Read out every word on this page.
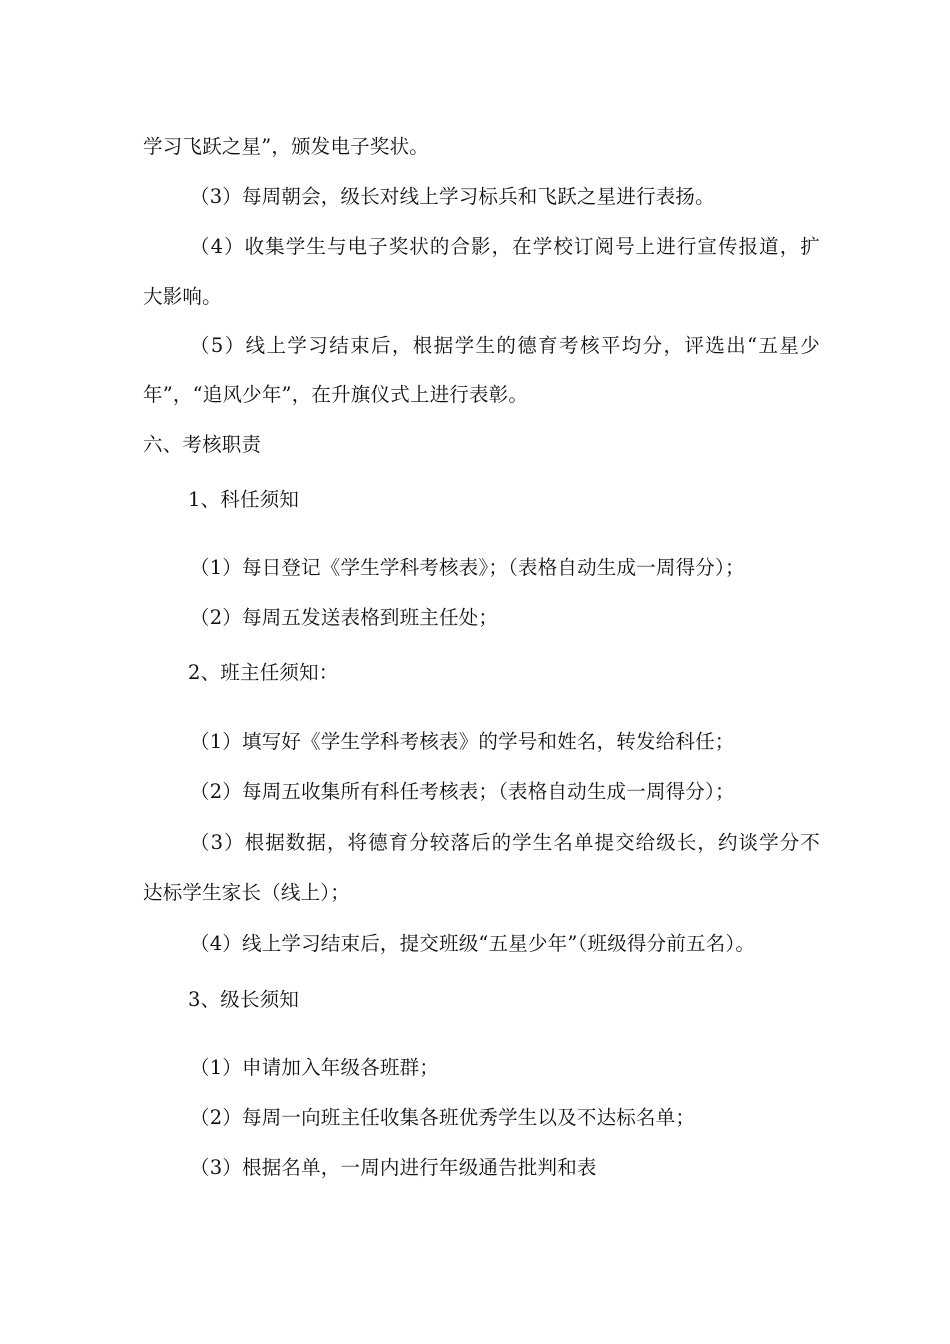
学习飞跃之星”，颁发电子奖状。
（3）每周朝会，级长对线上学习标兵和飞跃之星进行表扬。
（4）收集学生与电子奖状的合影，在学校订阅号上进行宣传报道，扩
大影响。
（5）线上学习结束后，根据学生的德育考核平均分，评选出“五星少
年”，“追风少年”，在升旗仪式上进行表彰。
六、考核职责
1、科任须知
（1）每日登记《学生学科考核表》；（表格自动生成一周得分）；
（2）每周五发送表格到班主任处；
2、班主任须知：
（1）填写好《学生学科考核表》的学号和姓名，转发给科任；
（2）每周五收集所有科任考核表；（表格自动生成一周得分）；
（3）根据数据，将德育分较落后的学生名单提交给级长，约谈学分不
达标学生家长（线上）；
（4）线上学习结束后，提交班级“五星少年”（班级得分前五名）。
3、级长须知
（1）申请加入年级各班群；
（2）每周一向班主任收集各班优秀学生以及不达标名单；
（3）根据名单，一周内进行年级通告批判和表
